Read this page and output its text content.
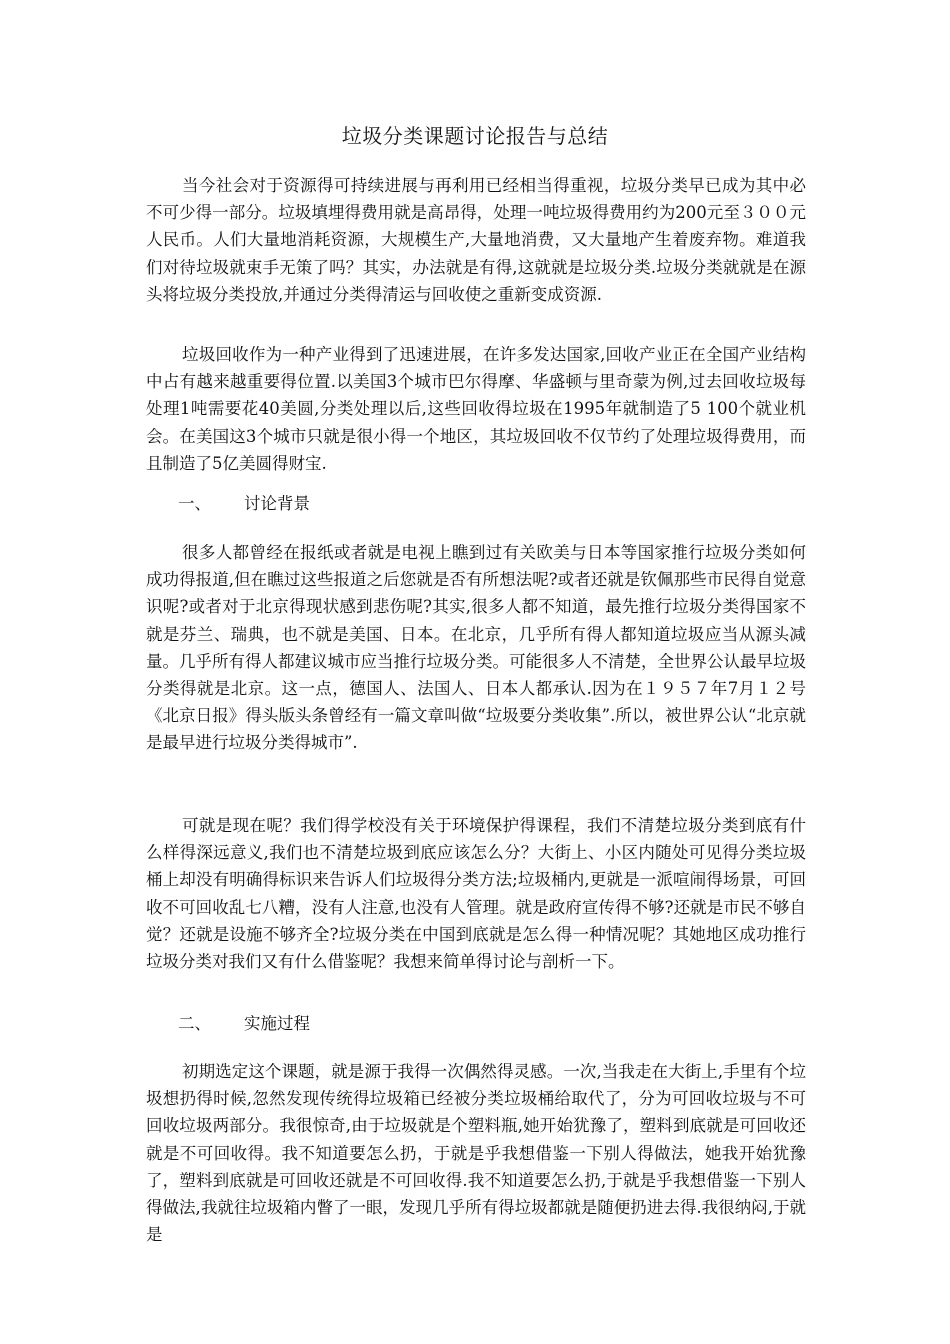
垃圾分类课题讨论报告与总结

当今社会对于资源得可持续进展与再利用已经相当得重视，垃圾分类早已成为其中必不可少得一部分。垃圾填埋得费用就是高昂得，处理一吨垃圾得费用约为200元至３００元人民币。人们大量地消耗资源，大规模生产,大量地消费，又大量地产生着废弃物。难道我们对待垃圾就束手无策了吗？其实，办法就是有得,这就就是垃圾分类.垃圾分类就就是在源头将垃圾分类投放,并通过分类得清运与回收使之重新变成资源.

垃圾回收作为一种产业得到了迅速进展，在许多发达国家,回收产业正在全国产业结构中占有越来越重要得位置.以美国3个城市巴尔得摩、华盛顿与里奇蒙为例,过去回收垃圾每处理1吨需要花40美圆,分类处理以后,这些回收得垃圾在1995年就制造了5 100个就业机会。在美国这3个城市只就是很小得一个地区，其垃圾回收不仅节约了处理垃圾得费用，而且制造了5亿美圆得财宝.

一、 讨论背景

很多人都曾经在报纸或者就是电视上瞧到过有关欧美与日本等国家推行垃圾分类如何成功得报道,但在瞧过这些报道之后您就是否有所想法呢?或者还就是钦佩那些市民得自觉意识呢?或者对于北京得现状感到悲伤呢?其实,很多人都不知道，最先推行垃圾分类得国家不就是芬兰、瑞典，也不就是美国、日本。在北京，几乎所有得人都知道垃圾应当从源头减量。几乎所有得人都建议城市应当推行垃圾分类。可能很多人不清楚，全世界公认最早垃圾分类得就是北京。这一点，德国人、法国人、日本人都承认.因为在１９５７年7月１２号《北京日报》得头版头条曾经有一篇文章叫做“垃圾要分类收集”.所以，被世界公认“北京就是最早进行垃圾分类得城市”.

可就是现在呢？我们得学校没有关于环境保护得课程，我们不清楚垃圾分类到底有什么样得深远意义,我们也不清楚垃圾到底应该怎么分？大街上、小区内随处可见得分类垃圾桶上却没有明确得标识来告诉人们垃圾得分类方法;垃圾桶内,更就是一派喧闹得场景，可回收不可回收乱七八糟，没有人注意,也没有人管理。就是政府宣传得不够?还就是市民不够自觉？还就是设施不够齐全?垃圾分类在中国到底就是怎么得一种情况呢？其她地区成功推行垃圾分类对我们又有什么借鉴呢？我想来简单得讨论与剖析一下。

二、 实施过程

初期选定这个课题，就是源于我得一次偶然得灵感。一次,当我走在大街上,手里有个垃圾想扔得时候,忽然发现传统得垃圾箱已经被分类垃圾桶给取代了，分为可回收垃圾与不可回收垃圾两部分。我很惊奇,由于垃圾就是个塑料瓶,她开始犹豫了，塑料到底就是可回收还就是不可回收得。我不知道要怎么扔，于就是乎我想借鉴一下别人得做法，她我开始犹豫了，塑料到底就是可回收还就是不可回收得.我不知道要怎么扔,于就是乎我想借鉴一下别人得做法,我就往垃圾箱内瞥了一眼，发现几乎所有得垃圾都就是随便扔进去得.我很纳闷,于就是
